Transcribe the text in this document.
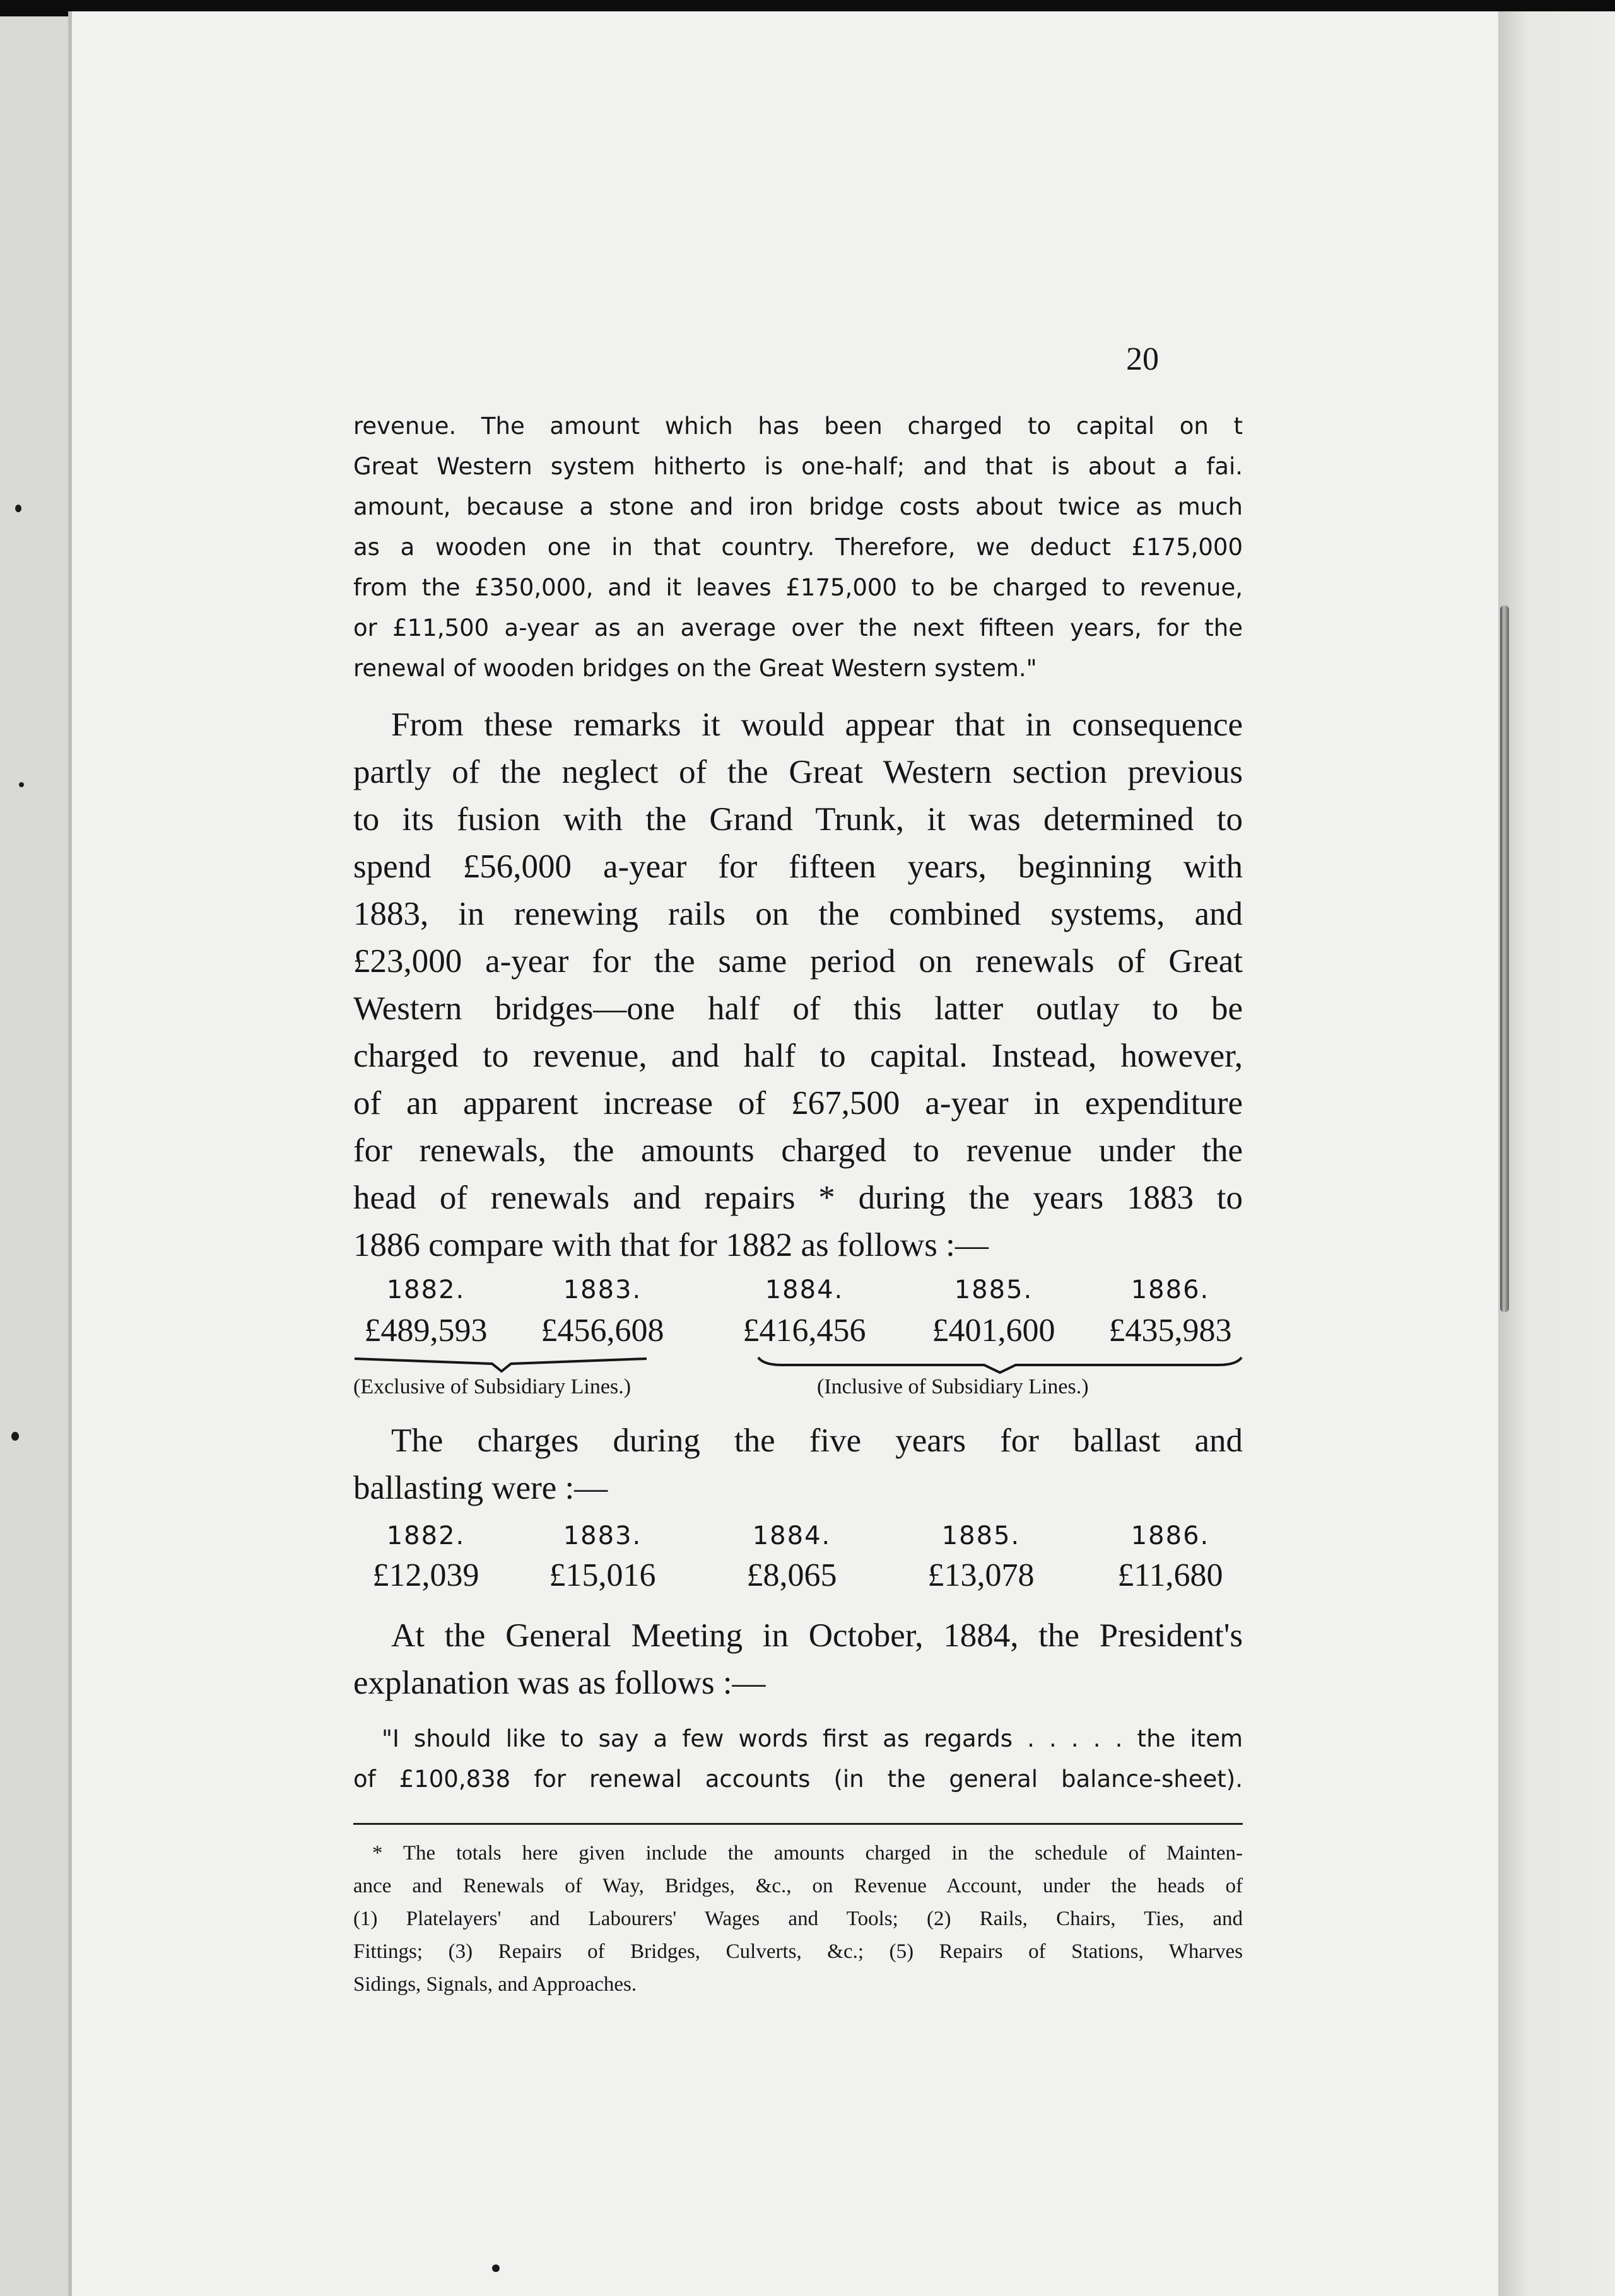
20
revenue. The amount which has been charged to capital on t
Great Western system hitherto is one-half; and that is about a fai.
amount, because a stone and iron bridge costs about twice as much
as a wooden one in that country. Therefore, we deduct £175,000
from the £350,000, and it leaves £175,000 to be charged to revenue,
or £11,500 a-year as an average over the next fifteen years, for the
renewal of wooden bridges on the Great Western system."
From these remarks it would appear that in consequence
partly of the neglect of the Great Western section previous
to its fusion with the Grand Trunk, it was determined to
spend £56,000 a-year for fifteen years, beginning with
1883, in renewing rails on the combined systems, and
£23,000 a-year for the same period on renewals of Great
Western bridges—one half of this latter outlay to be
charged to revenue, and half to capital. Instead, however,
of an apparent increase of £67,500 a-year in expenditure
for renewals, the amounts charged to revenue under the
head of renewals and repairs * during the years 1883 to
1886 compare with that for 1882 as follows :—
1882.	1883.	1884.	1885.	1886.
£489,593	£456,608	£416,456	£401,600	£435,983
(Exclusive of Subsidiary Lines.)	(Inclusive of Subsidiary Lines.)
The charges during the five years for ballast and
ballasting were :—
1882.	1883.	1884.	1885.	1886.
£12,039	£15,016	£8,065	£13,078	£11,680
At the General Meeting in October, 1884, the President's
explanation was as follows :—
"I should like to say a few words first as regards . . . . . the item
of £100,838 for renewal accounts (in the general balance-sheet).
* The totals here given include the amounts charged in the schedule of Mainten-
ance and Renewals of Way, Bridges, &c., on Revenue Account, under the heads of
(1) Platelayers' and Labourers' Wages and Tools; (2) Rails, Chairs, Ties, and
Fittings; (3) Repairs of Bridges, Culverts, &c.; (5) Repairs of Stations, Wharves
Sidings, Signals, and Approaches.
